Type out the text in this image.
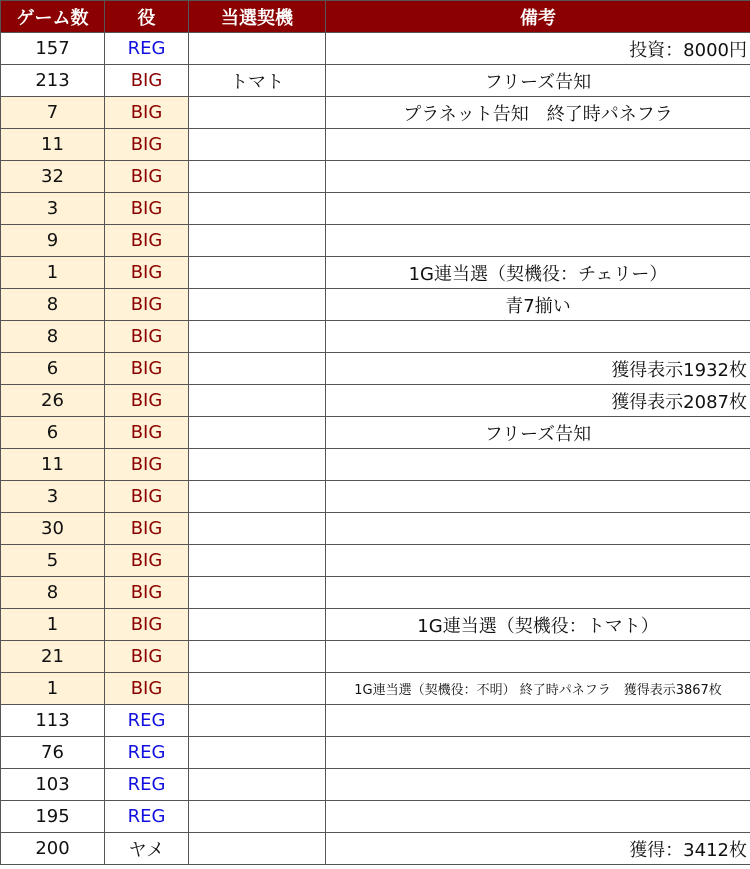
ゲーム数	役	当選契機	備考
157	REG		投資：8000円
213	BIG	トマト	フリーズ告知
7	BIG		プラネット告知　終了時パネフラ
11	BIG		
32	BIG		
3	BIG		
9	BIG		
1	BIG		1G連当選（契機役：チェリー）
8	BIG		青7揃い
8	BIG		
6	BIG		獲得表示1932枚
26	BIG		獲得表示2087枚
6	BIG		フリーズ告知
11	BIG		
3	BIG		
30	BIG		
5	BIG		
8	BIG		
1	BIG		1G連当選（契機役：トマト）
21	BIG		
1	BIG		1G連当選（契機役：不明） 終了時パネフラ　獲得表示3867枚
113	REG		
76	REG		
103	REG		
195	REG		
200	ヤメ		獲得：3412枚
